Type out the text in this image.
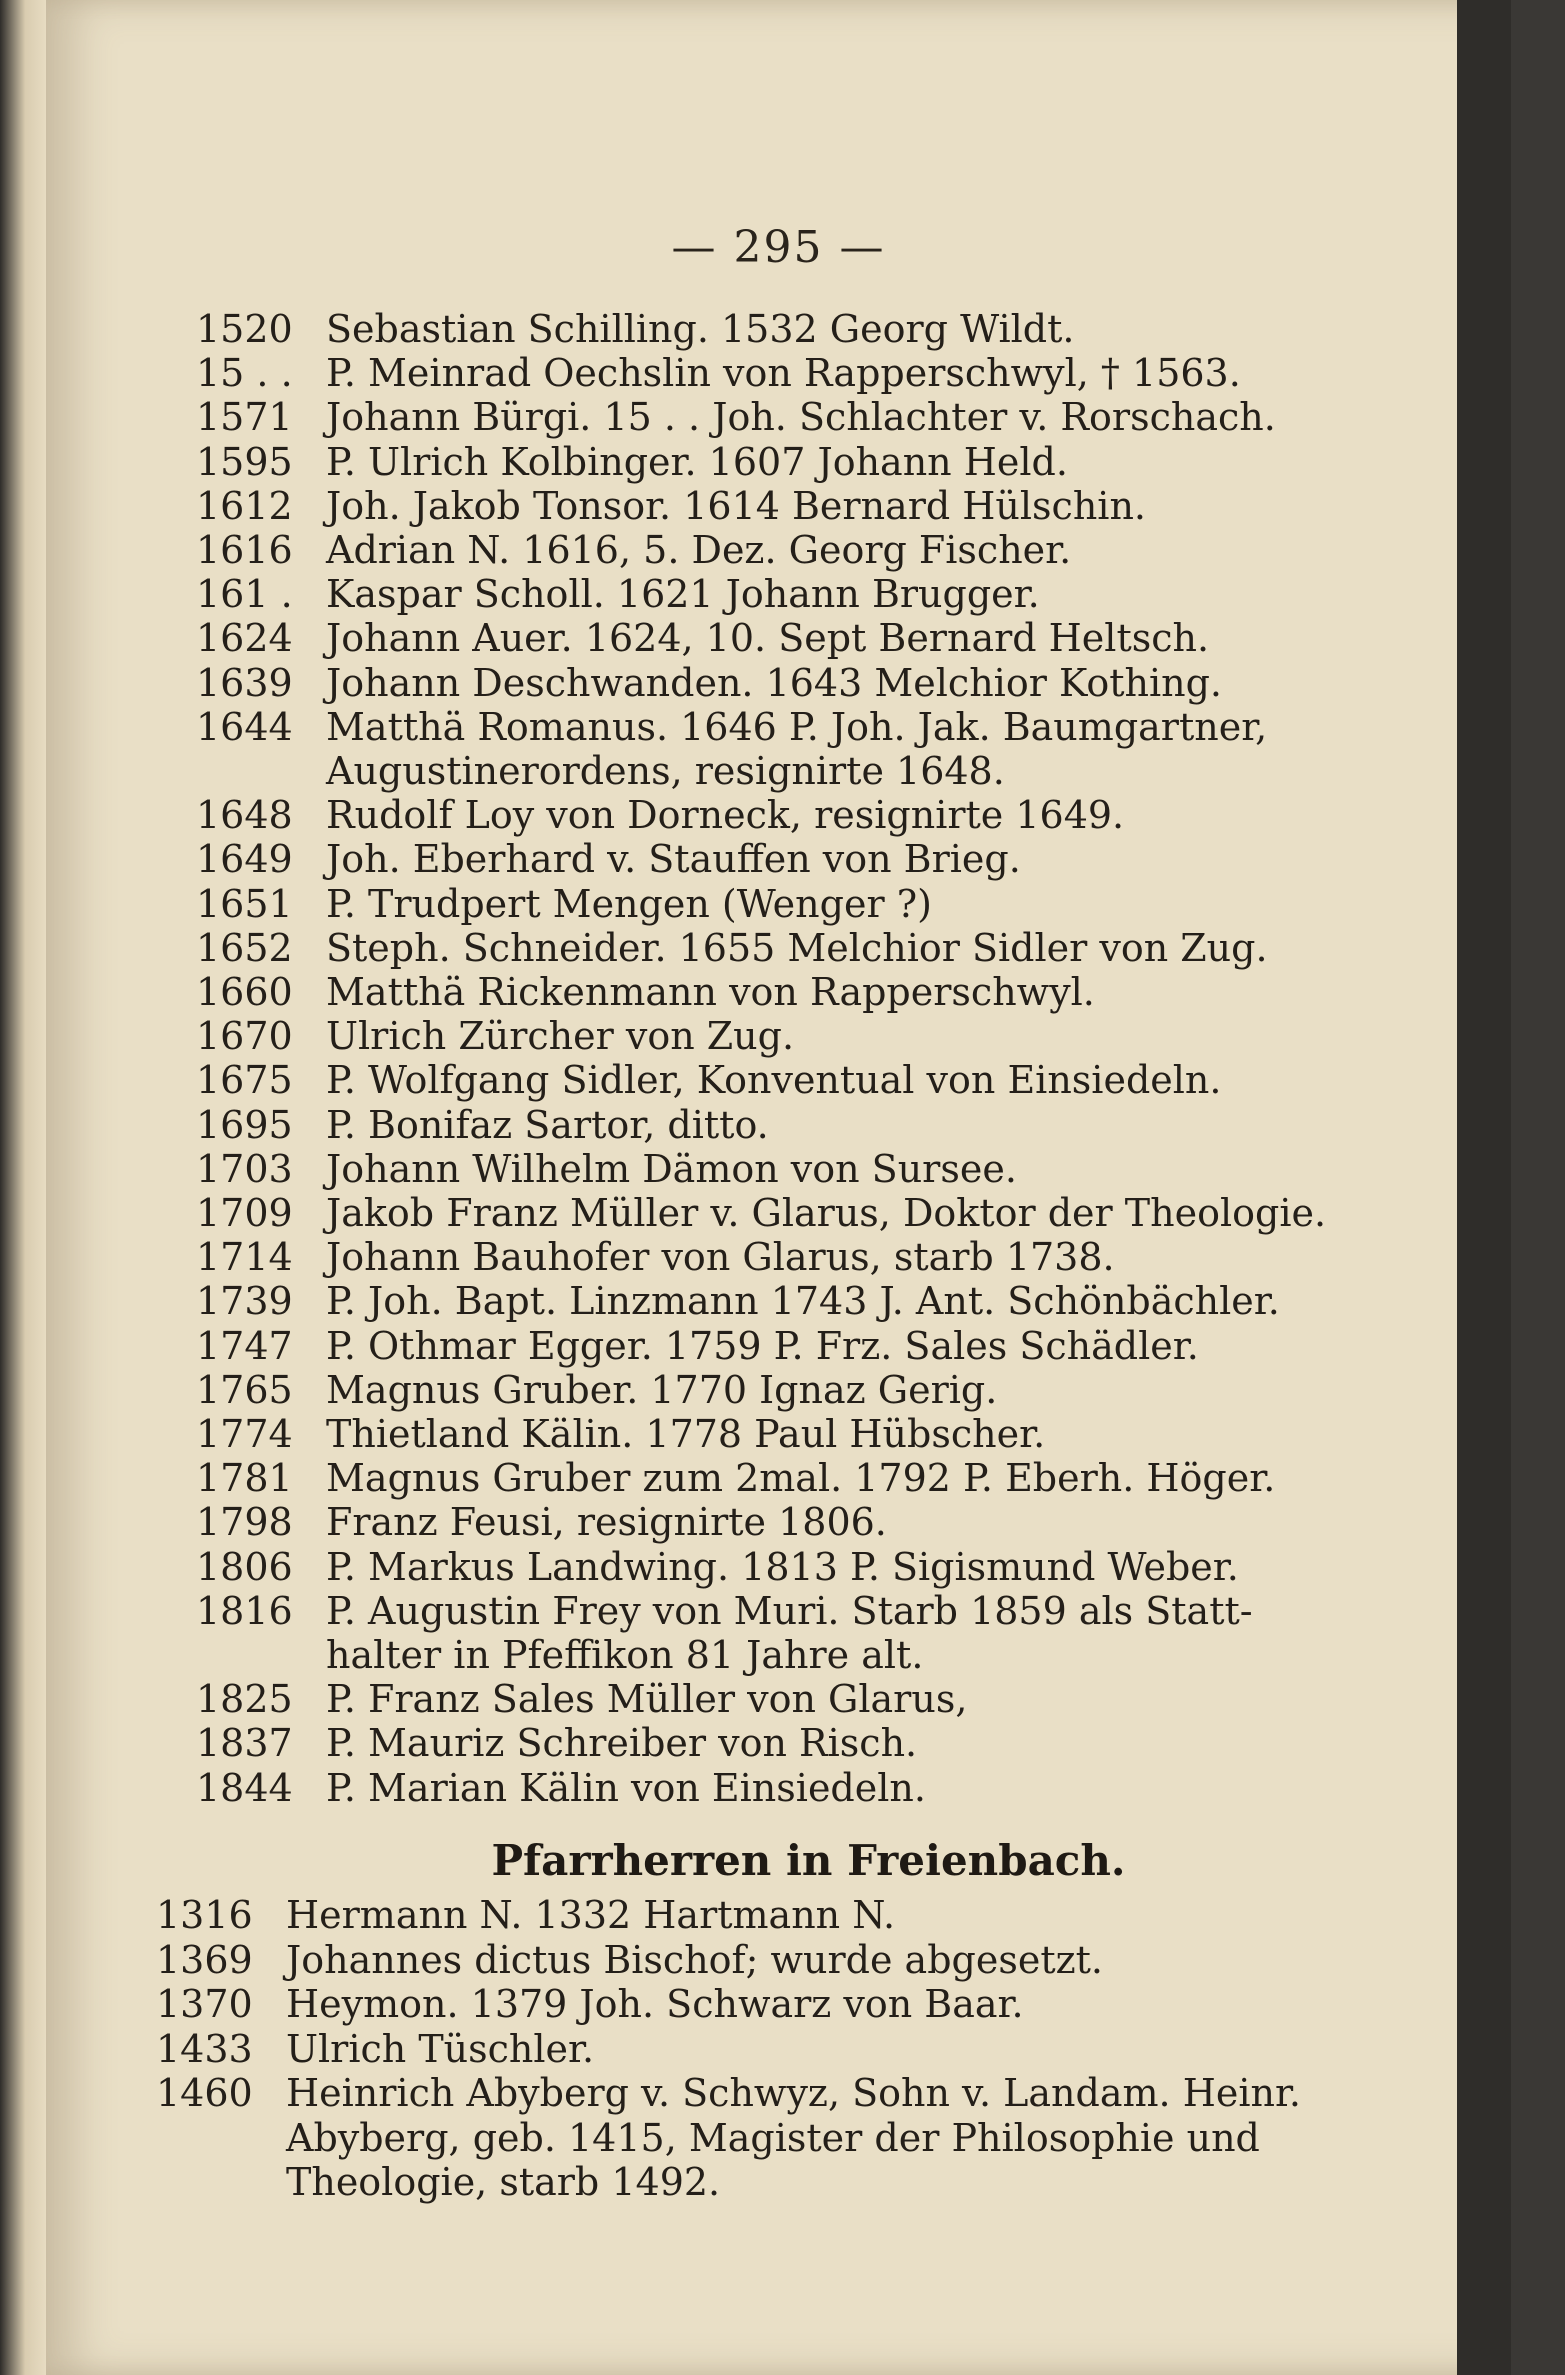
— 295 —
1520 Sebastian Schilling. 1532 Georg Wildt.
15 . . P. Meinrad Oechslin von Rapperschwyl, † 1563.
1571 Johann Bürgi. 15 . . Joh. Schlachter v. Rorschach.
1595 P. Ulrich Kolbinger. 1607 Johann Held.
1612 Joh. Jakob Tonsor. 1614 Bernard Hülschin.
1616 Adrian N. 1616, 5. Dez. Georg Fischer.
161 . Kaspar Scholl. 1621 Johann Brugger.
1624 Johann Auer. 1624, 10. Sept Bernard Heltsch.
1639 Johann Deschwanden. 1643 Melchior Kothing.
1644 Matthä Romanus. 1646 P. Joh. Jak. Baumgartner,
Augustinerordens, resignirte 1648.
1648 Rudolf Loy von Dorneck, resignirte 1649.
1649 Joh. Eberhard v. Stauffen von Brieg.
1651 P. Trudpert Mengen (Wenger ?)
1652 Steph. Schneider. 1655 Melchior Sidler von Zug.
1660 Matthä Rickenmann von Rapperschwyl.
1670 Ulrich Zürcher von Zug.
1675 P. Wolfgang Sidler, Konventual von Einsiedeln.
1695 P. Bonifaz Sartor, ditto.
1703 Johann Wilhelm Dämon von Sursee.
1709 Jakob Franz Müller v. Glarus, Doktor der Theologie.
1714 Johann Bauhofer von Glarus, starb 1738.
1739 P. Joh. Bapt. Linzmann 1743 J. Ant. Schönbächler.
1747 P. Othmar Egger. 1759 P. Frz. Sales Schädler.
1765 Magnus Gruber. 1770 Ignaz Gerig.
1774 Thietland Kälin. 1778 Paul Hübscher.
1781 Magnus Gruber zum 2mal. 1792 P. Eberh. Höger.
1798 Franz Feusi, resignirte 1806.
1806 P. Markus Landwing. 1813 P. Sigismund Weber.
1816 P. Augustin Frey von Muri. Starb 1859 als Statt-
halter in Pfeffikon 81 Jahre alt.
1825 P. Franz Sales Müller von Glarus,
1837 P. Mauriz Schreiber von Risch.
1844 P. Marian Kälin von Einsiedeln.
Pfarrherren in Freienbach.
1316 Hermann N. 1332 Hartmann N.
1369 Johannes dictus Bischof; wurde abgesetzt.
1370 Heymon. 1379 Joh. Schwarz von Baar.
1433 Ulrich Tüschler.
1460 Heinrich Abyberg v. Schwyz, Sohn v. Landam. Heinr.
Abyberg, geb. 1415, Magister der Philosophie und
Theologie, starb 1492.
